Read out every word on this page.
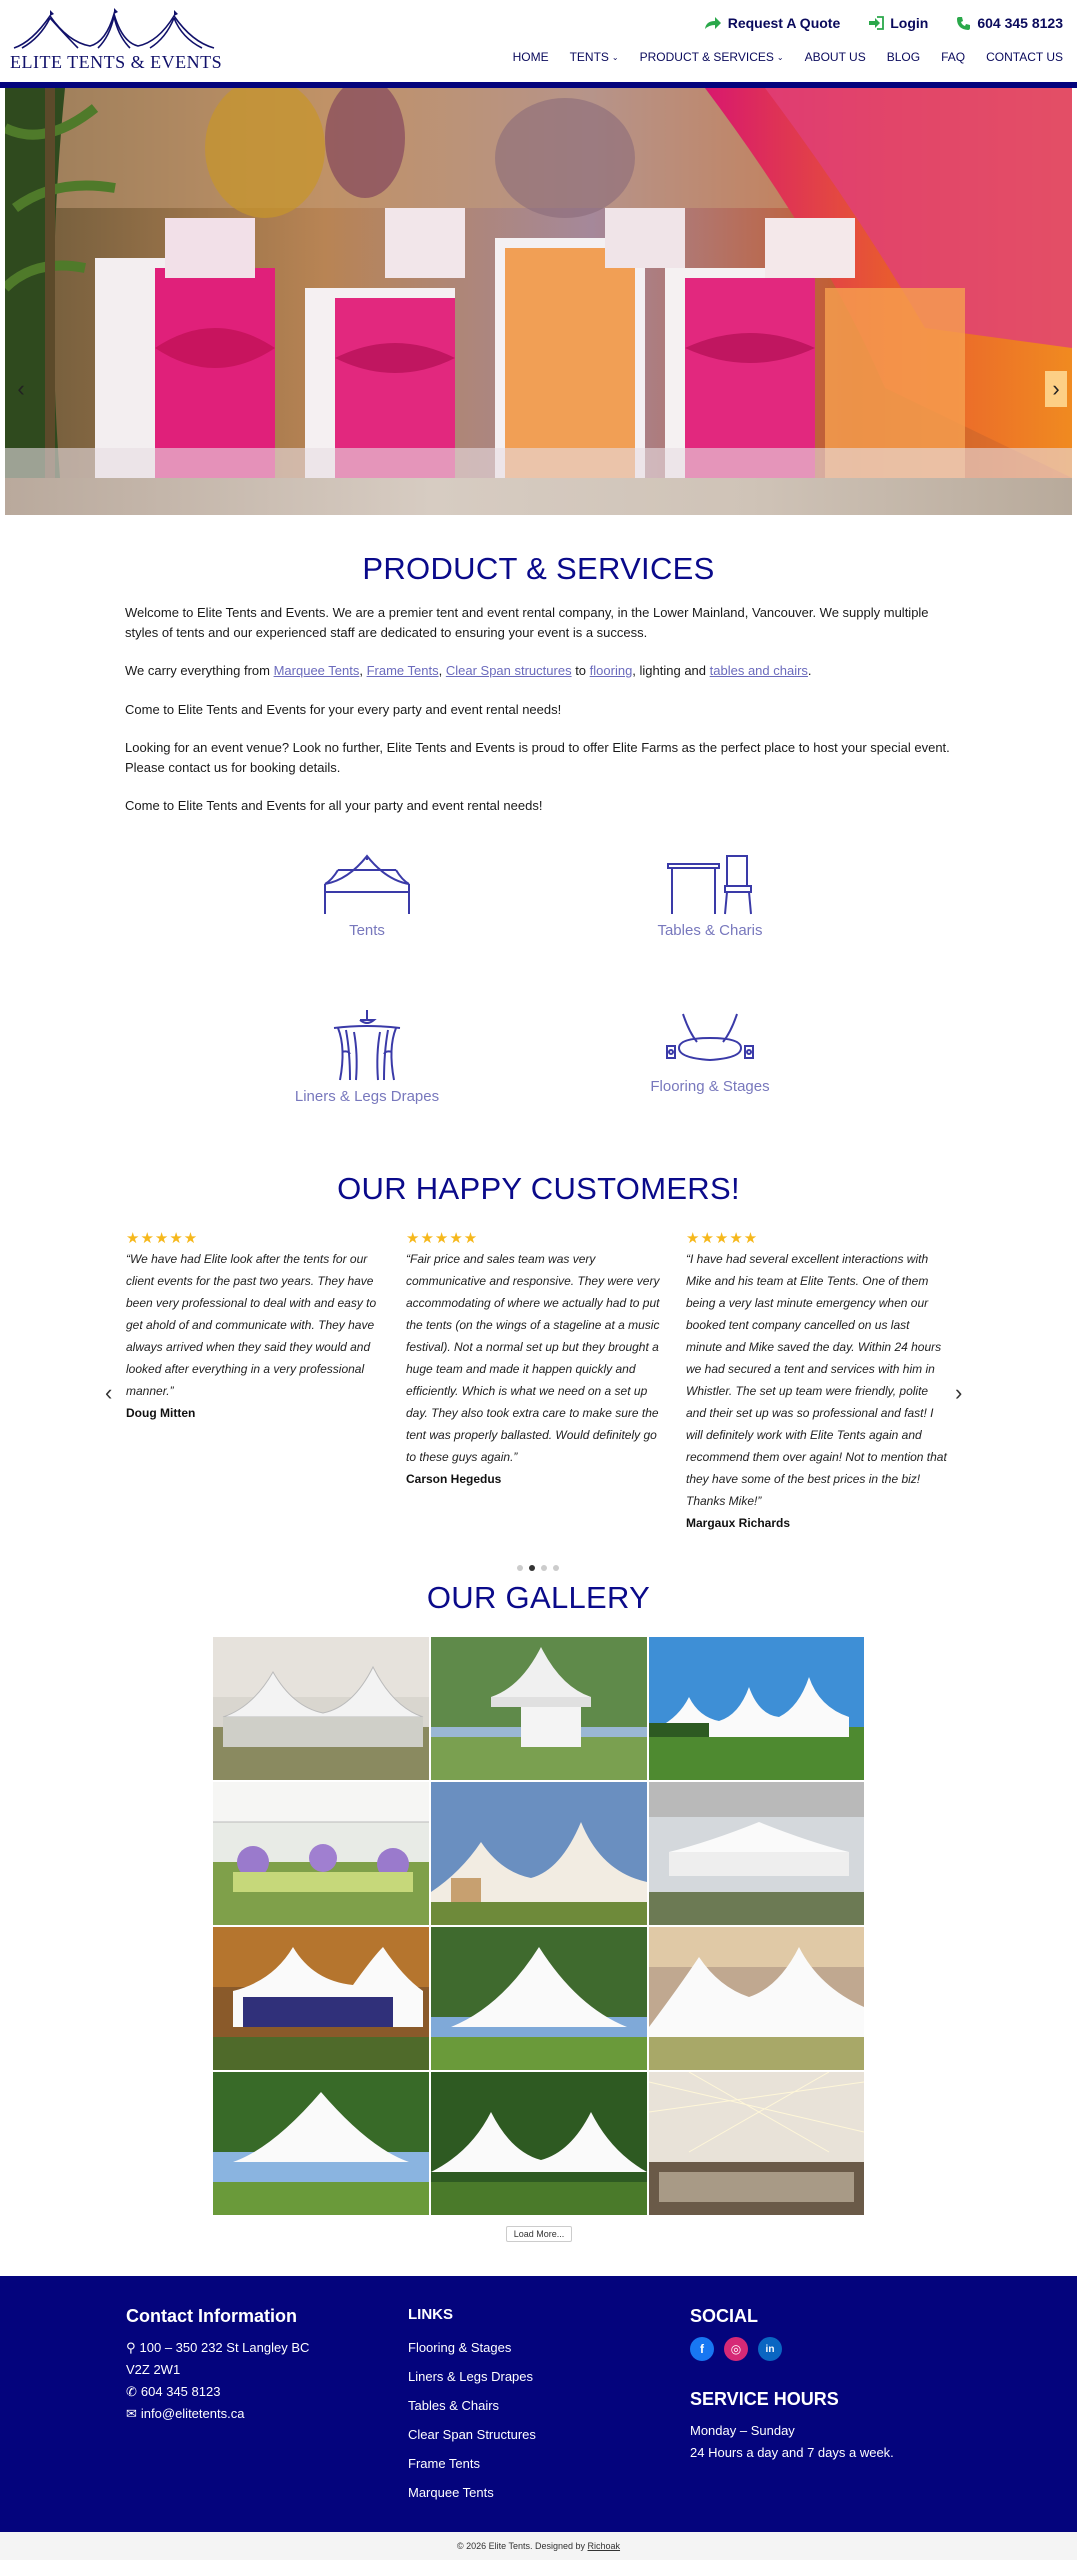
ELITE TENTS & EVENTS
Request A Quote	Login	604 345 8123
HOME TENTS ⌄ PRODUCT & SERVICES ⌄ ABOUT US BLOG FAQ CONTACT US
‹	›
PRODUCT & SERVICES

Welcome to Elite Tents and Events. We are a premier tent and event rental company, in the Lower Mainland, Vancouver. We supply multiple styles of tents and our experienced staff are dedicated to ensuring your event is a success.

We carry everything from Marquee Tents, Frame Tents, Clear Span structures to flooring, lighting and tables and chairs.

Come to Elite Tents and Events for your every party and event rental needs!

Looking for an event venue? Look no further, Elite Tents and Events is proud to offer Elite Farms as the perfect place to host your special event. Please contact us for booking details.

Come to Elite Tents and Events for all your party and event rental needs!

Tents	Tables & Charis
Liners & Legs Drapes
Flooring & Stages
OUR HAPPY CUSTOMERS!
‹	›
★★★★★
“We have had Elite look after the tents for our client events for the past two years. They have been very professional to deal with and easy to get ahold of and communicate with. They have always arrived when they said they would and looked after everything in a very professional manner.”
Doug Mitten
★★★★★
“Fair price and sales team was very communicative and responsive. They were very accommodating of where we actually had to put the tents (on the wings of a stageline at a music festival). Not a normal set up but they brought a huge team and made it happen quickly and efficiently. Which is what we need on a set up day. They also took extra care to make sure the tent was properly ballasted. Would definitely go to these guys again.”
Carson Hegedus
★★★★★
“I have had several excellent interactions with Mike and his team at Elite Tents. One of them being a very last minute emergency when our booked tent company cancelled on us last minute and Mike saved the day. Within 24 hours we had secured a tent and services with him in Whistler. The set up team were friendly, polite and their set up was so professional and fast! I will definitely work with Elite Tents again and recommend them over again! Not to mention that they have some of the best prices in the biz! Thanks Mike!”
Margaux Richards
OUR GALLERY
Load More...
Contact Information
⚲ 100 – 350 232 St Langley BC
V2Z 2W1
✆ 604 345 8123
✉ info@elitetents.ca
LINKS
Flooring & Stages
Liners & Legs Drapes
Tables & Chairs
Clear Span Structures
Frame Tents
Marquee Tents
SOCIAL
f	◎	in
SERVICE HOURS
Monday – Sunday
24 Hours a day and 7 days a week.
© 2026 Elite Tents. Designed by Richoak
